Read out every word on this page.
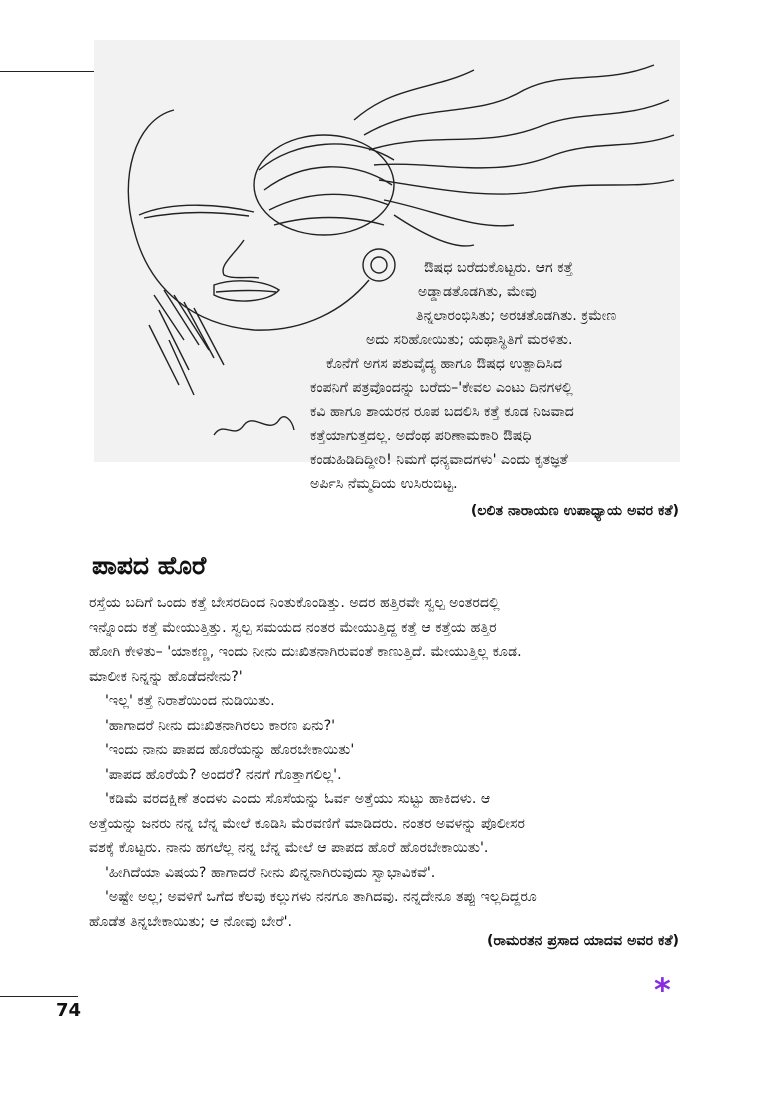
ಔಷಧ ಬರೆದುಕೊಟ್ಟರು. ಆಗ ಕತ್ತೆ
ಅಡ್ಡಾಡತೊಡಗಿತು, ಮೇವು
ತಿನ್ನಲಾರಂಭಿಸಿತು; ಅರಚತೊಡಗಿತು. ಕ್ರಮೇಣ
ಅದು ಸರಿಹೋಯಿತು; ಯಥಾಸ್ಥಿತಿಗೆ ಮರಳಿತು.
ಕೊನೆಗೆ ಅಗಸ ಪಶುವೈದ್ಯ ಹಾಗೂ ಔಷಧ ಉತ್ಪಾದಿಸಿದ
ಕಂಪನಿಗೆ ಪತ್ರವೊಂದನ್ನು ಬರೆದು–'ಕೇವಲ ಎಂಟು ದಿನಗಳಲ್ಲಿ
ಕವಿ ಹಾಗೂ ಶಾಯರನ ರೂಪ ಬದಲಿಸಿ ಕತ್ತೆ ಕೂಡ ನಿಜವಾದ
ಕತ್ತೆಯಾಗುತ್ತದಲ್ಲ. ಅದೆಂಥ ಪರಿಣಾಮಕಾರಿ ಔಷಧಿ
ಕಂಡುಹಿಡಿದಿದ್ದೀರಿ! ನಿಮಗೆ ಧನ್ಯವಾದಗಳು' ಎಂದು ಕೃತಜ್ಞತೆ
ಅರ್ಪಿಸಿ ನೆಮ್ಮದಿಯ ಉಸಿರುಬಿಟ್ಟ.
(ಲಲಿತ ನಾರಾಯಣ ಉಪಾಧ್ಯಾಯ ಅವರ ಕತೆ)
ಪಾಪದ ಹೊರೆ
ರಸ್ತೆಯ ಬದಿಗೆ ಒಂದು ಕತ್ತೆ ಬೇಸರದಿಂದ ನಿಂತುಕೊಂಡಿತ್ತು. ಅದರ ಹತ್ತಿರವೇ ಸ್ವಲ್ಪ ಅಂತರದಲ್ಲಿ
ಇನ್ನೊಂದು ಕತ್ತೆ ಮೇಯುತ್ತಿತ್ತು. ಸ್ವಲ್ಪ ಸಮಯದ ನಂತರ ಮೇಯುತ್ತಿದ್ದ ಕತ್ತೆ ಆ ಕತ್ತೆಯ ಹತ್ತಿರ
ಹೋಗಿ ಕೇಳಿತು– 'ಯಾಕಣ್ಣ, ಇಂದು ನೀನು ದುಃಖಿತನಾಗಿರುವಂತೆ ಕಾಣುತ್ತಿದೆ. ಮೇಯುತ್ತಿಲ್ಲ ಕೂಡ.
ಮಾಲೀಕ ನಿನ್ನನ್ನು ಹೊಡೆದನೇನು?'
'ಇಲ್ಲ' ಕತ್ತೆ ನಿರಾಶೆಯಿಂದ ನುಡಿಯಿತು.
'ಹಾಗಾದರೆ ನೀನು ದುಃಖಿತನಾಗಿರಲು ಕಾರಣ ಏನು?'
'ಇಂದು ನಾನು ಪಾಪದ ಹೊರೆಯನ್ನು ಹೊರಬೇಕಾಯಿತು'
'ಪಾಪದ ಹೊರೆಯೆ? ಅಂದರೆ? ನನಗೆ ಗೊತ್ತಾಗಲಿಲ್ಲ'.
'ಕಡಿಮೆ ವರದಕ್ಷಿಣೆ ತಂದಳು ಎಂದು ಸೊಸೆಯನ್ನು ಓರ್ವ ಅತ್ತೆಯು ಸುಟ್ಟು ಹಾಕಿದಳು. ಆ
ಅತ್ತೆಯನ್ನು ಜನರು ನನ್ನ ಬೆನ್ನ ಮೇಲೆ ಕೂಡಿಸಿ ಮೆರವಣಿಗೆ ಮಾಡಿದರು. ನಂತರ ಅವಳನ್ನು ಪೊಲೀಸರ
ವಶಕ್ಕೆ ಕೊಟ್ಟರು. ನಾನು ಹಗಲೆಲ್ಲ ನನ್ನ ಬೆನ್ನ ಮೇಲೆ ಆ ಪಾಪದ ಹೊರೆ ಹೊರಬೇಕಾಯಿತು'.
'ಹೀಗಿದೆಯಾ ವಿಷಯ? ಹಾಗಾದರೆ ನೀನು ಖಿನ್ನನಾಗಿರುವುದು ಸ್ವಾಭಾವಿಕವೆ'.
'ಅಷ್ಟೇ ಅಲ್ಲ; ಅವಳಿಗೆ ಒಗೆದ ಕೆಲವು ಕಲ್ಲುಗಳು ನನಗೂ ತಾಗಿದವು. ನನ್ನದೇನೂ ತಪ್ಪು ಇಲ್ಲದಿದ್ದರೂ
ಹೊಡೆತ ತಿನ್ನಬೇಕಾಯಿತು; ಆ ನೋವು ಬೇರೆ'.
(ರಾಮರತನ ಪ್ರಸಾದ ಯಾದವ ಅವರ ಕತೆ)
*
74
